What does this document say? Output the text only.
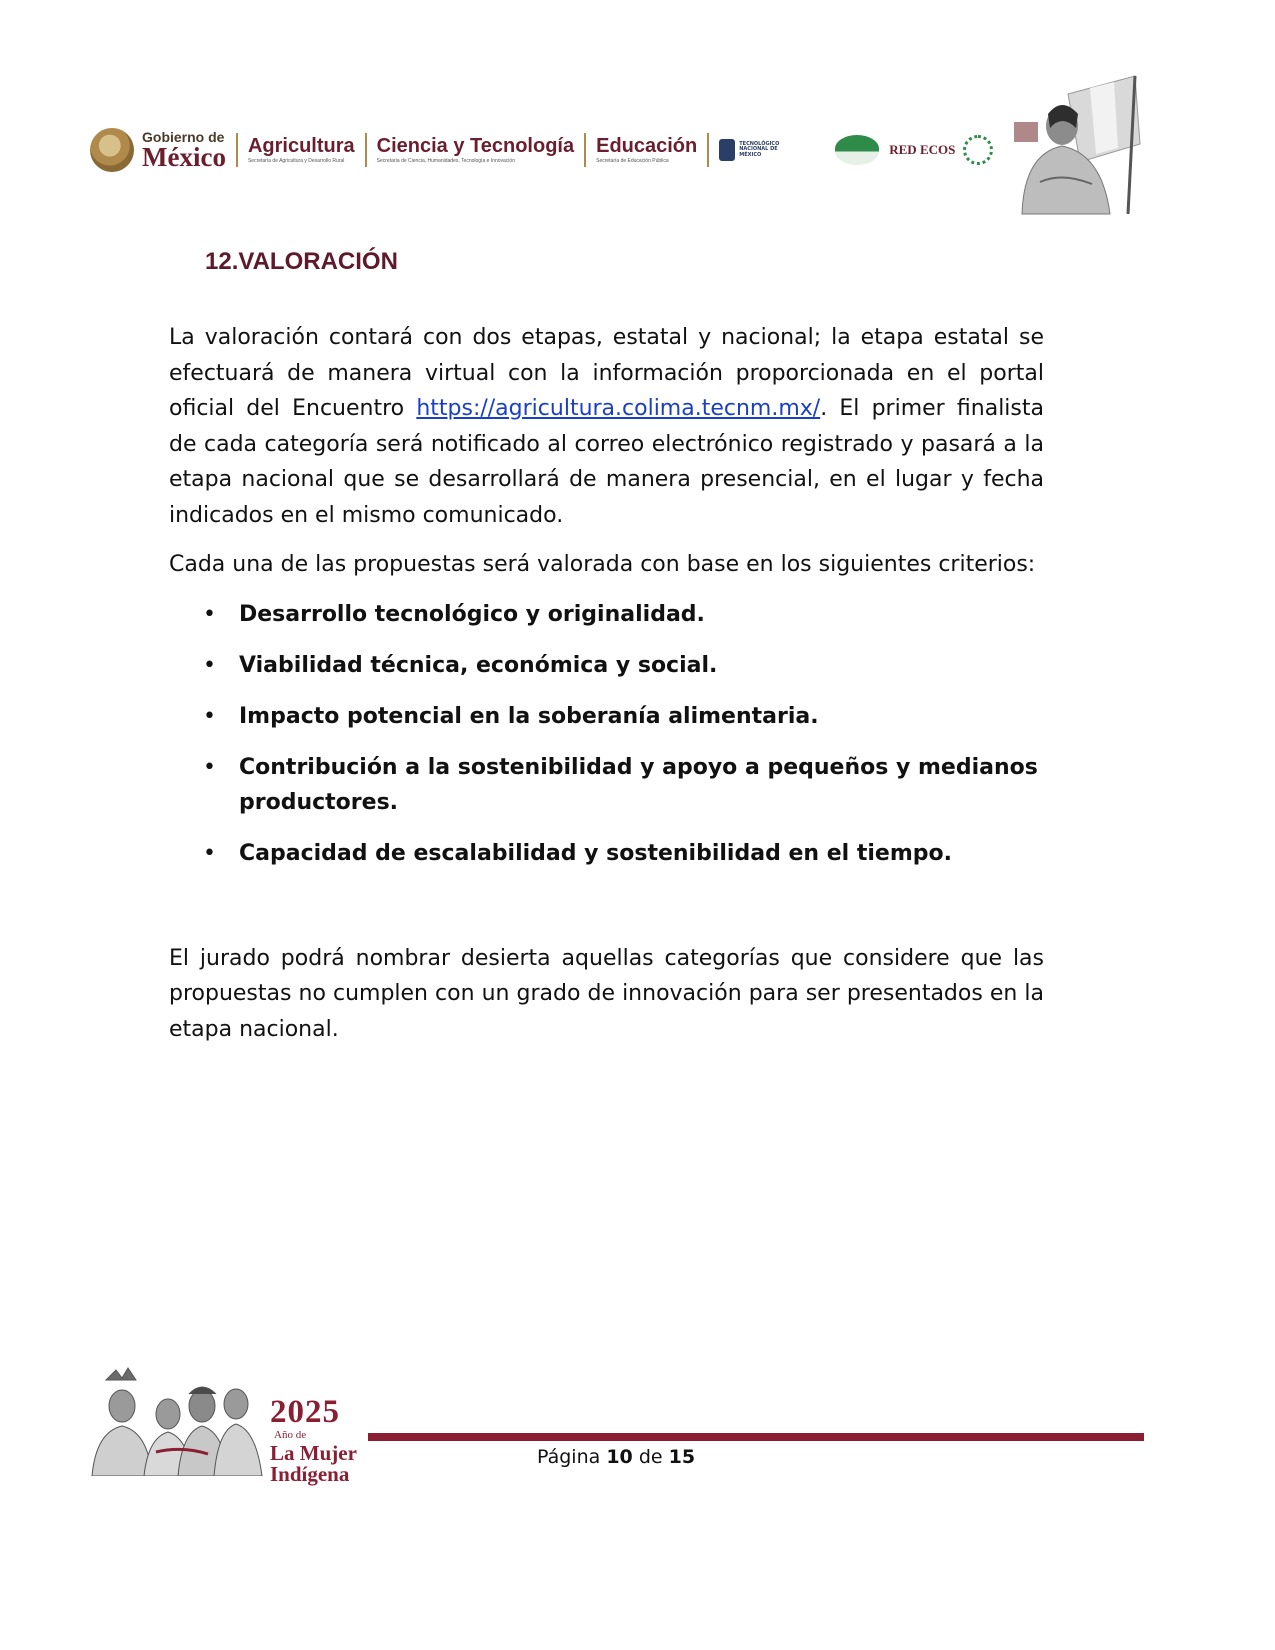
Gobierno de
México Agricultura
Secretaría de Agricultura y Desarrollo Rural
Ciencia y Tecnología
Secretaría de Ciencia, Humanidades, Tecnología e Innovación
Educación
Secretaría de Educación Pública
TECNOLÓGICO NACIONAL DE MÉXICO	RED ECOS
12.VALORACIÓN

La valoración contará con dos etapas, estatal y nacional; la etapa estatal se efectuará de manera virtual con la información proporcionada en el portal oficial del Encuentro https://agricultura.colima.tecnm.mx/. El primer finalista de cada categoría será notificado al correo electrónico registrado y pasará a la etapa nacional que se desarrollará de manera presencial, en el lugar y fecha indicados en el mismo comunicado.

Cada una de las propuestas será valorada con base en los siguientes criterios:

• Desarrollo tecnológico y originalidad.
• Viabilidad técnica, económica y social.
• Impacto potencial en la soberanía alimentaria.
• Contribución a la sostenibilidad y apoyo a pequeños y medianos productores.
• Capacidad de escalabilidad y sostenibilidad en el tiempo.

El jurado podrá nombrar desierta aquellas categorías que considere que las propuestas no cumplen con un grado de innovación para ser presentados en la etapa nacional.

2025
Año de
La Mujer
Indígena
Página 10 de 15
